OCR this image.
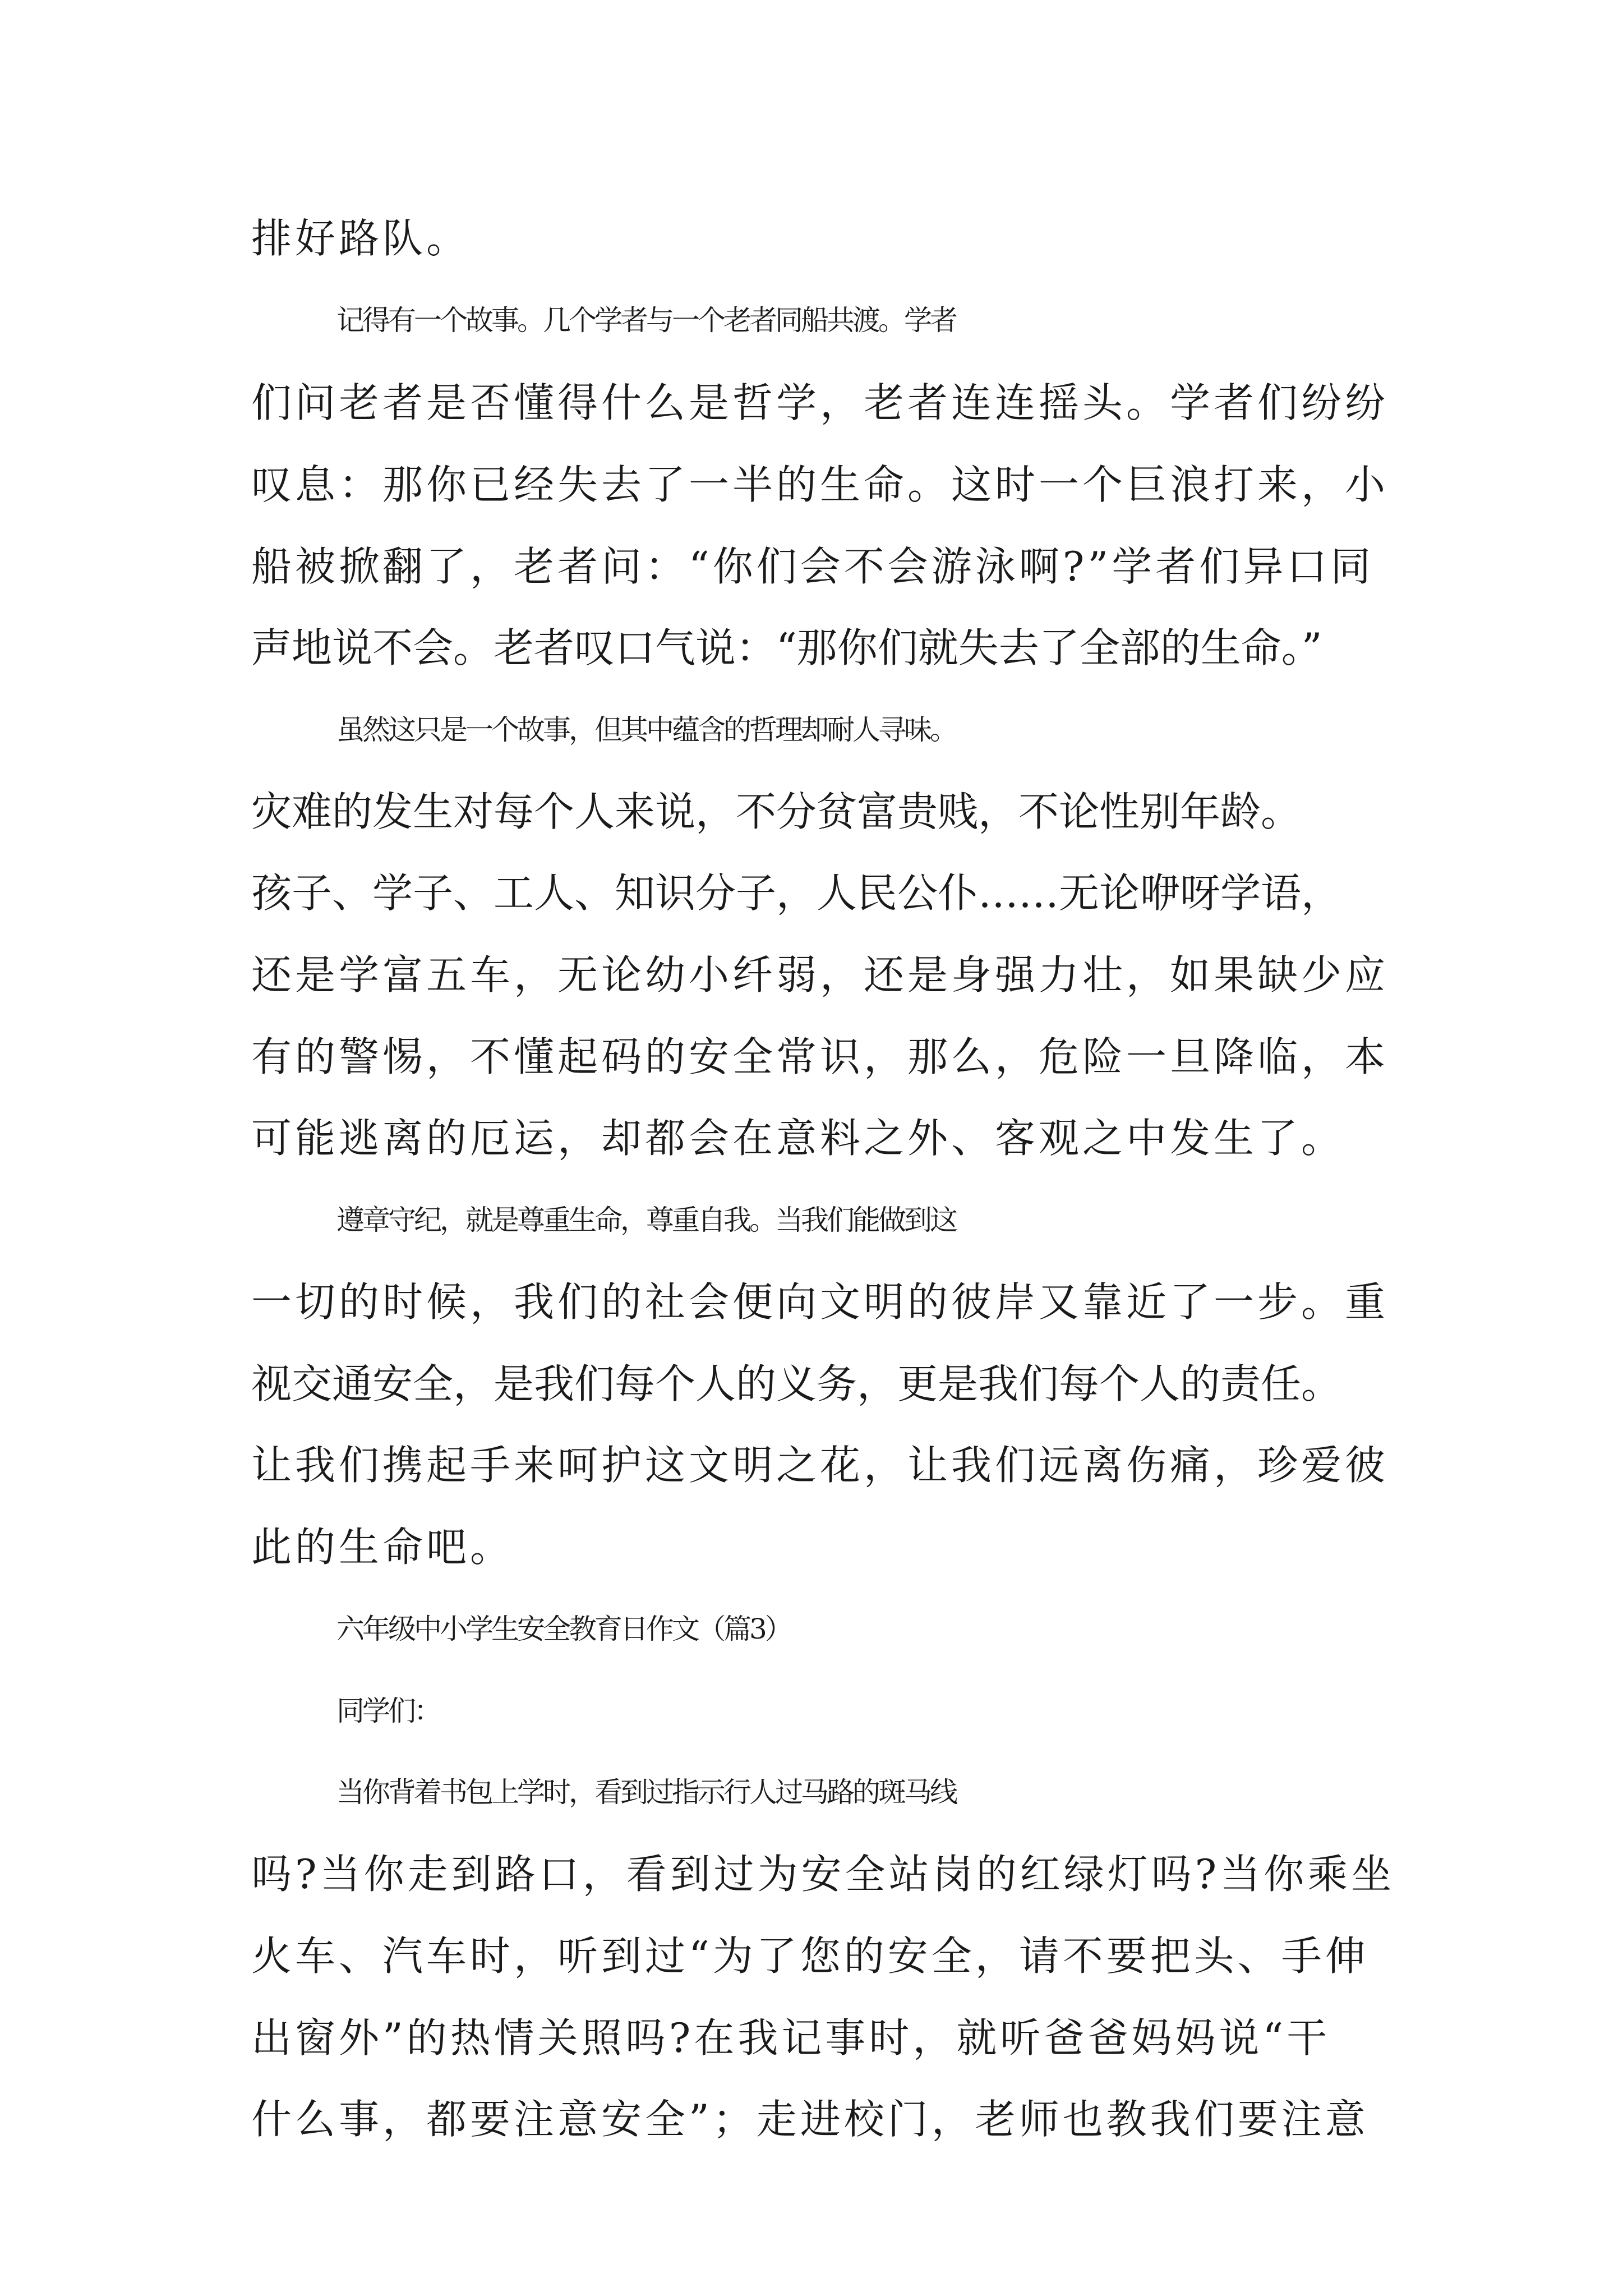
排好路队。
记得有一个故事。几个学者与一个老者同船共渡。学者
们问老者是否懂得什么是哲学，老者连连摇头。学者们纷纷
叹息：那你已经失去了一半的生命。这时一个巨浪打来，小
船被掀翻了，老者问：“你们会不会游泳啊?”学者们异口同
声地说不会。老者叹口气说：“那你们就失去了全部的生命。”
虽然这只是一个故事，但其中蕴含的哲理却耐人寻味。
灾难的发生对每个人来说，不分贫富贵贱，不论性别年龄。
孩子、学子、工人、知识分子，人民公仆……无论咿呀学语，
还是学富五车，无论幼小纤弱，还是身强力壮，如果缺少应
有的警惕，不懂起码的安全常识，那么，危险一旦降临，本
可能逃离的厄运，却都会在意料之外、客观之中发生了。
遵章守纪，就是尊重生命，尊重自我。当我们能做到这
一切的时候，我们的社会便向文明的彼岸又靠近了一步。重
视交通安全，是我们每个人的义务，更是我们每个人的责任。
让我们携起手来呵护这文明之花，让我们远离伤痛，珍爱彼
此的生命吧。
六年级中小学生安全教育日作文（篇3）
同学们：
当你背着书包上学时，看到过指示行人过马路的斑马线
吗?当你走到路口，看到过为安全站岗的红绿灯吗?当你乘坐
火车、汽车时，听到过“为了您的安全，请不要把头、手伸
出窗外”的热情关照吗?在我记事时，就听爸爸妈妈说“干
什么事，都要注意安全”；走进校门，老师也教我们要注意
